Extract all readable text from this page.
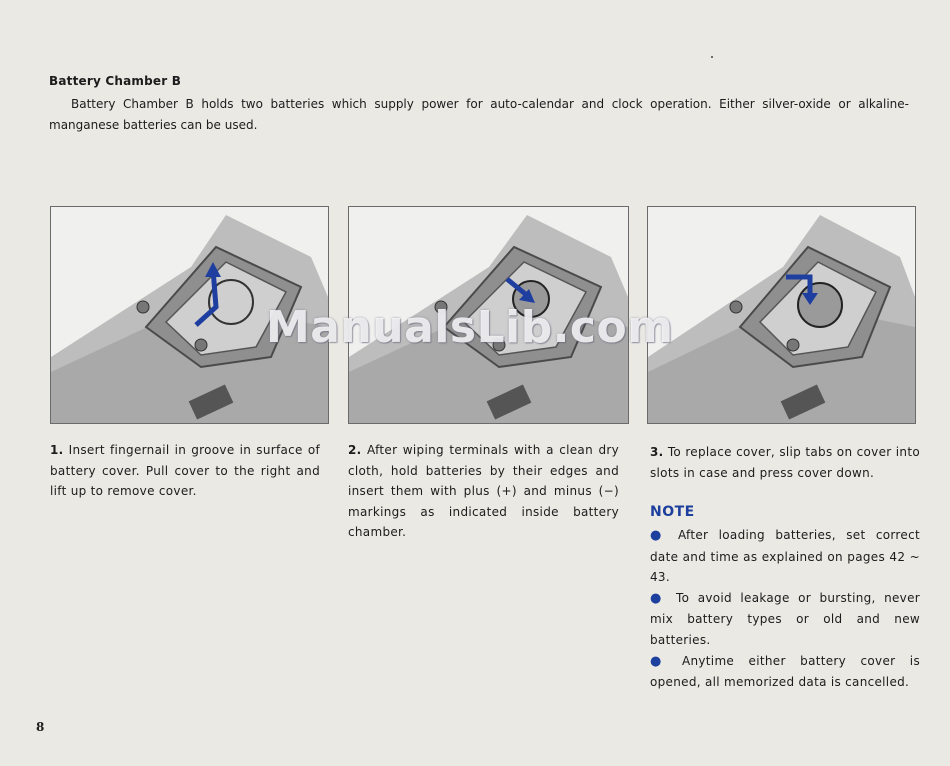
Battery Chamber B

Battery Chamber B holds two batteries which supply power for auto-calendar and clock operation. Either silver-oxide or alkaline-manganese batteries can be used.

1. Insert fingernail in groove in surface of battery cover. Pull cover to the right and lift up to remove cover.

2. After wiping terminals with a clean dry cloth, hold batteries by their edges and insert them with plus (+) and minus (−) markings as indicated inside battery chamber.

3. To replace cover, slip tabs on cover into slots in case and press cover down.

NOTE
● After loading batteries, set correct date and time as explained on pages 42 ~ 43.
● To avoid leakage or bursting, never mix battery types or old and new batteries.
● Anytime either battery cover is opened, all memorized data is cancelled.
8
ManualsLib.com
